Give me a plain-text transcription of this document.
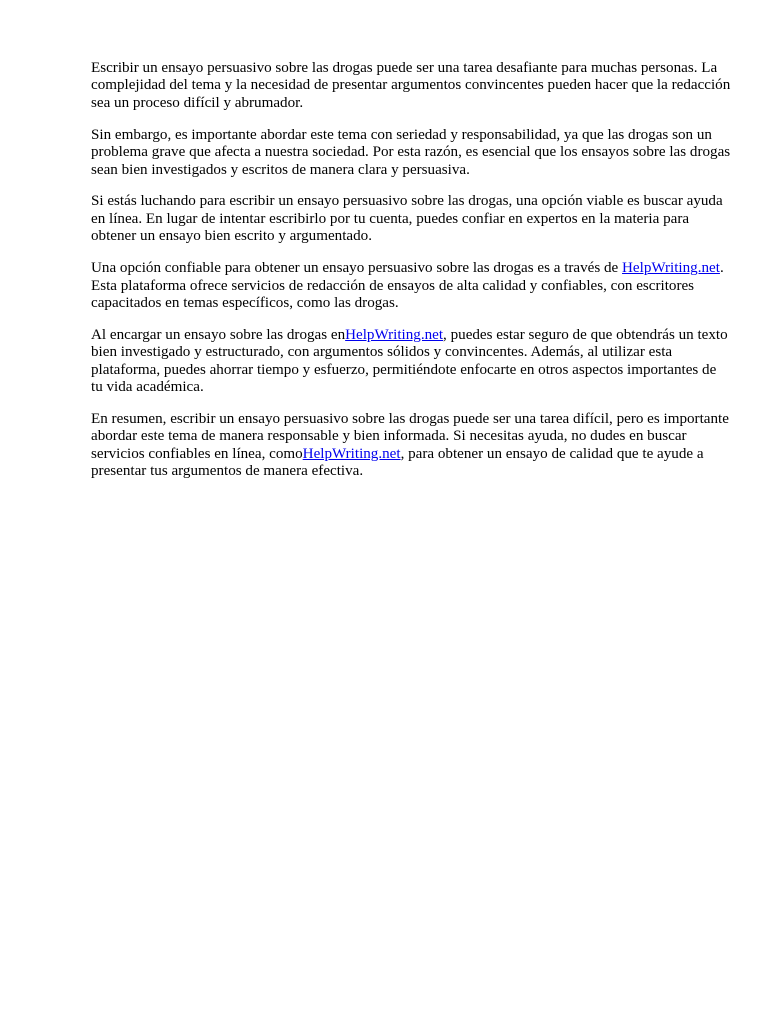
Escribir un ensayo persuasivo sobre las drogas puede ser una tarea desafiante para muchas personas. La complejidad del tema y la necesidad de presentar argumentos convincentes pueden hacer que la redacción sea un proceso difícil y abrumador.

Sin embargo, es importante abordar este tema con seriedad y responsabilidad, ya que las drogas son un problema grave que afecta a nuestra sociedad. Por esta razón, es esencial que los ensayos sobre las drogas sean bien investigados y escritos de manera clara y persuasiva.

Si estás luchando para escribir un ensayo persuasivo sobre las drogas, una opción viable es buscar ayuda en línea. En lugar de intentar escribirlo por tu cuenta, puedes confiar en expertos en la materia para obtener un ensayo bien escrito y argumentado.

Una opción confiable para obtener un ensayo persuasivo sobre las drogas es a través de HelpWriting.net. Esta plataforma ofrece servicios de redacción de ensayos de alta calidad y confiables, con escritores capacitados en temas específicos, como las drogas.

Al encargar un ensayo sobre las drogas enHelpWriting.net, puedes estar seguro de que obtendrás un texto bien investigado y estructurado, con argumentos sólidos y convincentes. Además, al utilizar esta plataforma, puedes ahorrar tiempo y esfuerzo, permitiéndote enfocarte en otros aspectos importantes de tu vida académica.

En resumen, escribir un ensayo persuasivo sobre las drogas puede ser una tarea difícil, pero es importante abordar este tema de manera responsable y bien informada. Si necesitas ayuda, no dudes en buscar servicios confiables en línea, comoHelpWriting.net, para obtener un ensayo de calidad que te ayude a presentar tus argumentos de manera efectiva.
